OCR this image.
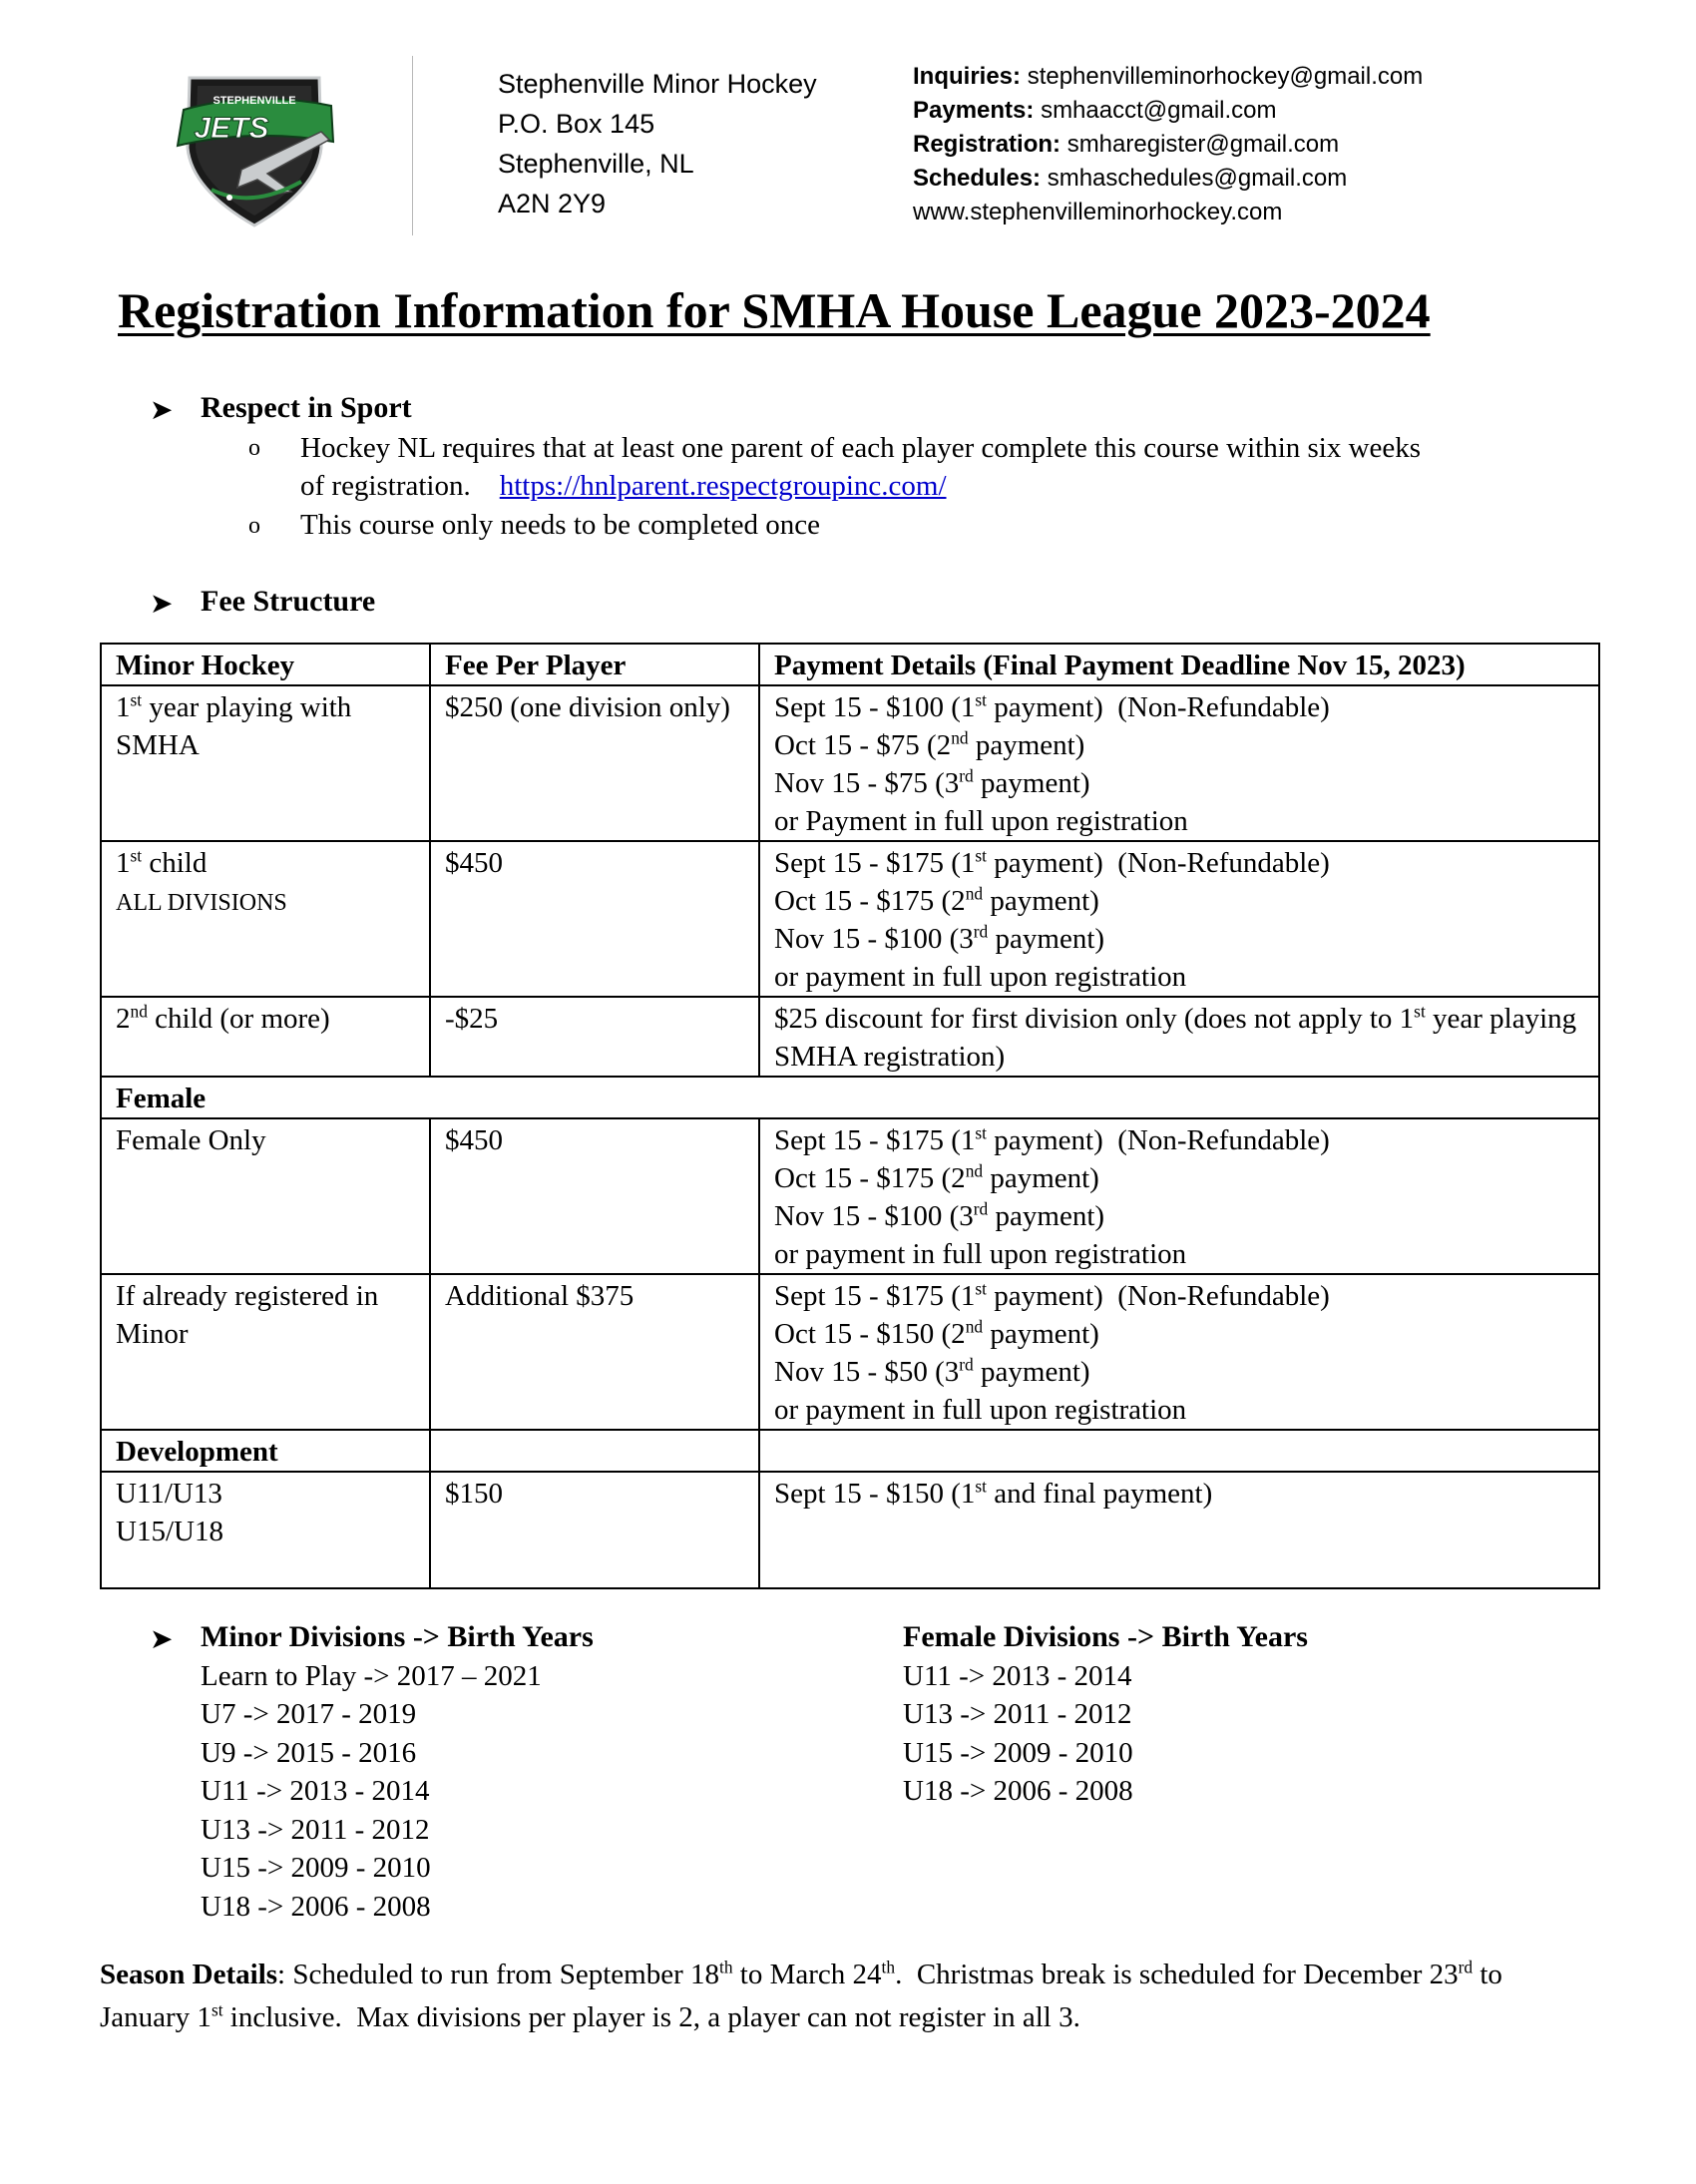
STEPHENVILLE
JETS
Stephenville Minor Hockey
P.O. Box 145
Stephenville, NL
A2N 2Y9
Inquiries: stephenvilleminorhockey@gmail.com
Payments: smhaacct@gmail.com
Registration: smharegister@gmail.com
Schedules: smhaschedules@gmail.com
www.stephenvilleminorhockey.com
Registration Information for SMHA House League 2023-2024
➤ Respect in Sport
o Hockey NL requires that at least one parent of each player complete this course within six weeks
of registration. https://hnlparent.respectgroupinc.com/
o This course only needs to be completed once
➤ Fee Structure
Minor Hockey	Fee Per Player	Payment Details (Final Payment Deadline Nov 15, 2023)
1st year playing with SMHA	$250 (one division only)	Sept 15 - $100 (1st payment)  (Non-Refundable)
Oct 15 - $75 (2nd payment)
Nov 15 - $75 (3rd payment)
or Payment in full upon registration
1st child
ALL DIVISIONS	$450	Sept 15 - $175 (1st payment)  (Non-Refundable)
Oct 15 - $175 (2nd payment)
Nov 15 - $100 (3rd payment)
or payment in full upon registration
2nd child (or more)	-$25	$25 discount for first division only (does not apply to 1st year playing SMHA registration)
Female		
Female Only	$450	Sept 15 - $175 (1st payment)  (Non-Refundable)
Oct 15 - $175 (2nd payment)
Nov 15 - $100 (3rd payment)
or payment in full upon registration
If already registered in Minor	Additional $375	Sept 15 - $175 (1st payment)  (Non-Refundable)
Oct 15 - $150 (2nd payment)
Nov 15 - $50 (3rd payment)
or payment in full upon registration
Development		
U11/U13
U15/U18	$150	Sept 15 - $150 (1st and final payment)
➤ Minor Divisions -> Birth Years
Learn to Play -> 2017 – 2021
U7 -> 2017 - 2019
U9 -> 2015 - 2016
U11 -> 2013 - 2014
U13 -> 2011 - 2012
U15 -> 2009 - 2010
U18 -> 2006 - 2008
Female Divisions -> Birth Years
U11 -> 2013 - 2014
U13 -> 2011 - 2012
U15 -> 2009 - 2010
U18 -> 2006 - 2008
Season Details: Scheduled to run from September 18th to March 24th.  Christmas break is scheduled for December 23rd to January 1st inclusive.  Max divisions per player is 2, a player can not register in all 3.
